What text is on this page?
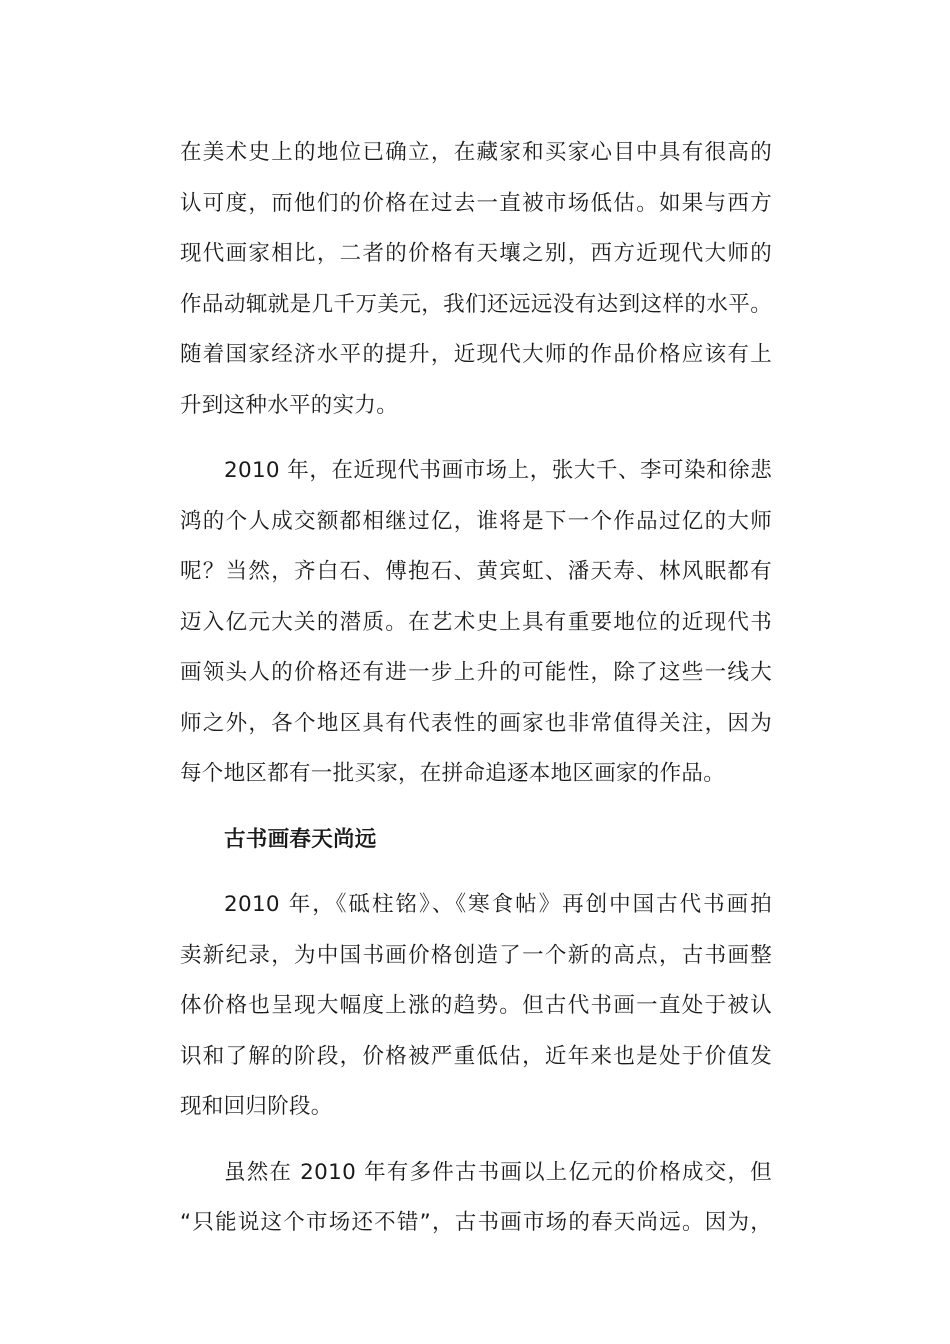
在美术史上的地位已确立，在藏家和买家心目中具有很高的
认可度，而他们的价格在过去一直被市场低估。如果与西方
现代画家相比，二者的价格有天壤之别，西方近现代大师的
作品动辄就是几千万美元，我们还远远没有达到这样的水平。
随着国家经济水平的提升，近现代大师的作品价格应该有上
升到这种水平的实力。

2010 年，在近现代书画市场上，张大千、李可染和徐悲
鸿的个人成交额都相继过亿，谁将是下一个作品过亿的大师
呢？当然，齐白石、傅抱石、黄宾虹、潘天寿、林风眠都有
迈入亿元大关的潜质。在艺术史上具有重要地位的近现代书
画领头人的价格还有进一步上升的可能性，除了这些一线大
师之外，各个地区具有代表性的画家也非常值得关注，因为
每个地区都有一批买家，在拼命追逐本地区画家的作品。

古书画春天尚远

2010 年，《砥柱铭》、《寒食帖》再创中国古代书画拍
卖新纪录，为中国书画价格创造了一个新的高点，古书画整
体价格也呈现大幅度上涨的趋势。但古代书画一直处于被认
识和了解的阶段，价格被严重低估，近年来也是处于价值发
现和回归阶段。

虽然在 2010 年有多件古书画以上亿元的价格成交，但
“只能说这个市场还不错”，古书画市场的春天尚远。因为，
